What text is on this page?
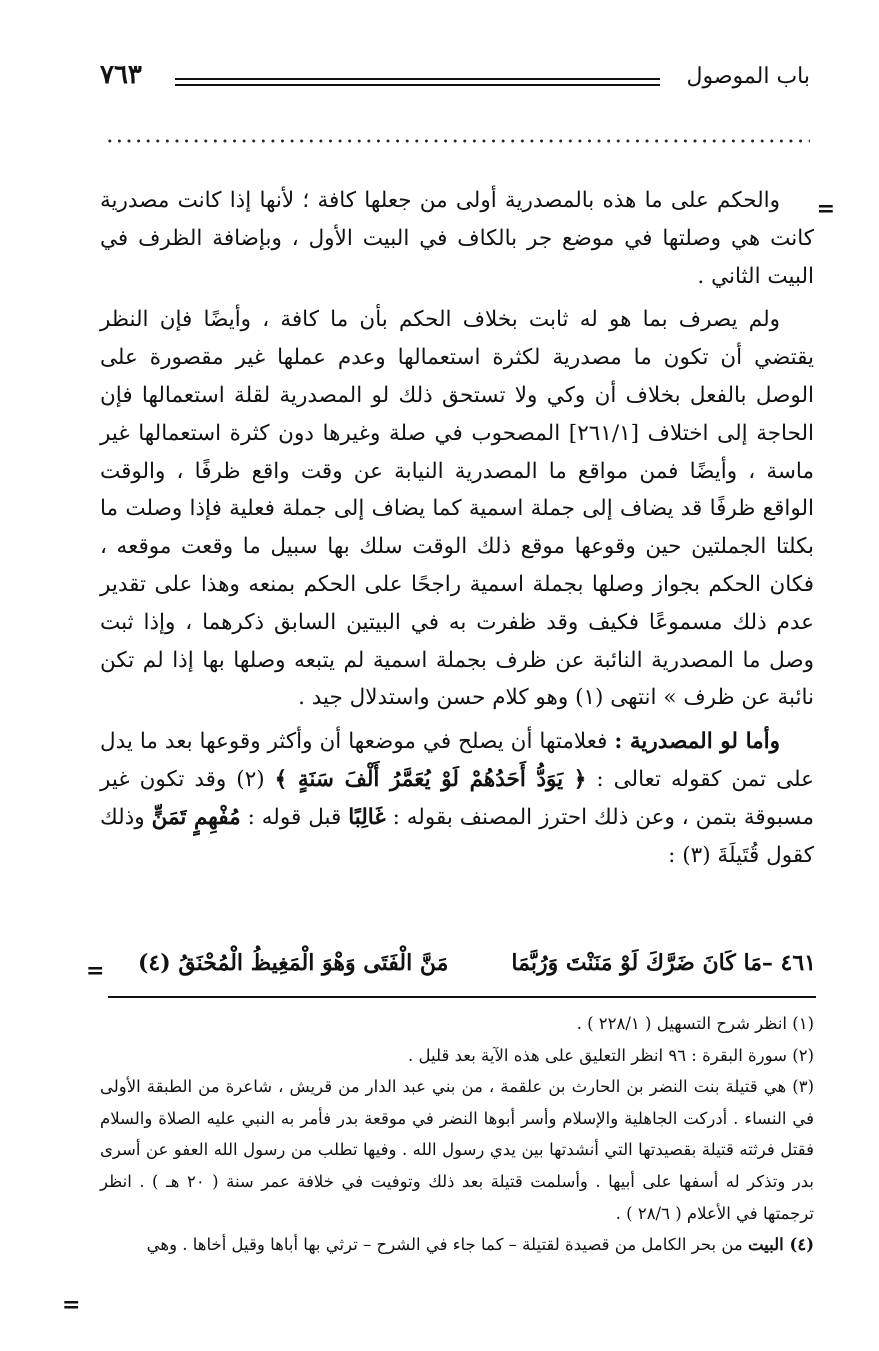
باب الموصول
٧٦٣
=

والحكم على ما هذه بالمصدرية أولى من جعلها كافة ؛ لأنها إذا كانت مصدرية كانت هي وصلتها في موضع جر بالكاف في البيت الأول ، وبإضافة الظرف في البيت الثاني .

ولم يصرف بما هو له ثابت بخلاف الحكم بأن ما كافة ، وأيضًا فإن النظر يقتضي أن تكون ما مصدرية لكثرة استعمالها وعدم عملها غير مقصورة على الوصل بالفعل بخلاف أن وكي ولا تستحق ذلك لو المصدرية لقلة استعمالها فإن الحاجة إلى اختلاف [٢٦١/١] المصحوب في صلة وغيرها دون كثرة استعمالها غير ماسة ، وأيضًا فمن مواقع ما المصدرية النيابة عن وقت واقع ظرفًا ، والوقت الواقع ظرفًا قد يضاف إلى جملة اسمية كما يضاف إلى جملة فعلية فإذا وصلت ما بكلتا الجملتين حين وقوعها موقع ذلك الوقت سلك بها سبيل ما وقعت موقعه ، فكان الحكم بجواز وصلها بجملة اسمية راجحًا على الحكم بمنعه وهذا على تقدير عدم ذلك مسموعًا فكيف وقد ظفرت به في البيتين السابق ذكرهما ، وإذا ثبت وصل ما المصدرية النائبة عن ظرف بجملة اسمية لم يتبعه وصلها بها إذا لم تكن نائبة عن ظرف » انتهى (١) وهو كلام حسن واستدلال جيد .

وأما لو المصدرية : فعلامتها أن يصلح في موضعها أن وأكثر وقوعها بعد ما يدل على تمن كقوله تعالى : ﴿ يَوَدُّ أَحَدُهُمْ لَوْ يُعَمَّرُ أَلْفَ سَنَةٍ ﴾ (٢) وقد تكون غير مسبوقة بتمن ، وعن ذلك احترز المصنف بقوله : غَالِبًا قبل قوله : مُفْهِمٍ تَمَنٍّ وذلك كقول قُتَيلَةَ (٣) :

٤٦١ –
مَا كَانَ ضَرَّكَ لَوْ مَنَنْتَ وَرُبَّمَا
مَنَّ الْفَتَى وَهْوَ الْمَغِيظُ الْمُحْنَقُ (٤)
=

(١) انظر شرح التسهيل ( ٢٢٨/١ ) .

(٢) سورة البقرة : ٩٦ انظر التعليق على هذه الآية بعد قليل .

(٣) هي قتيلة بنت النضر بن الحارث بن علقمة ، من بني عبد الدار من قريش ، شاعرة من الطبقة الأولى في النساء . أدركت الجاهلية والإسلام وأسر أبوها النضر في موقعة بدر فأمر به النبي عليه الصلاة والسلام فقتل فرثته قتيلة بقصيدتها التي أنشدتها بين يدي رسول الله . وفيها تطلب من رسول الله العفو عن أسرى بدر وتذكر له أسفها على أبيها . وأسلمت قتيلة بعد ذلك وتوفيت في خلافة عمر سنة ( ٢٠ هـ ) . انظر ترجمتها في الأعلام ( ٢٨/٦ ) .

(٤) البيت من بحر الكامل من قصيدة لقتيلة – كما جاء في الشرح – ترثي بها أباها وقيل أخاها . وهي

=
